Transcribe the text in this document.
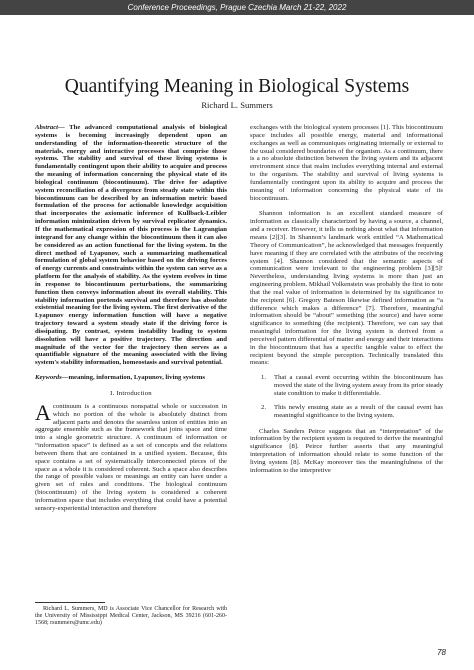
Conference Proceedings, Prague Czechia March 21-22, 2022
Quantifying Meaning in Biological Systems
Richard L. Summers

Abstract— The advanced computational analysis of biological systems is becoming increasingly dependent upon an understanding of the information-theoretic structure of the materials, energy and interactive processes that comprise those systems. The stability and survival of these living systems is fundamentally contingent upon their ability to acquire and process the meaning of information concerning the physical state of its biological continuum (biocontinuum). The drive for adaptive system reconciliation of a divergence from steady state within this biocontinuum can be described by an information metric based formulation of the process for actionable knowledge acquisition that incorporates the axiomatic inference of Kullback-Leibler information minimization driven by survival replicator dynamics. If the mathematical expression of this process is the Lagrangian integrand for any change within the biocontinuum then it can also be considered as an action functional for the living system. In the direct method of Lyapunov, such a summarizing mathematical formulation of global system behavior based on the driving forces of energy currents and constraints within the system can serve as a platform for the analysis of stability. As the system evolves in time in response to biocontinuum perturbations, the summarizing function then conveys information about its overall stability. This stability information portends survival and therefore has absolute existential meaning for the living system. The first derivative of the Lyapunov energy information function will have a negative trajectory toward a system steady state if the driving force is dissipating. By contrast, system instability leading to system dissolution will have a positive trajectory. The direction and magnitude of the vector for the trajectory then serves as a quantifiable signature of the meaning associated with the living system's stability information, homeostasis and survival potential.

Keywords—meaning, information, Lyapunov, living systems

I. Introduction

A continuum is a continuous nonspatial whole or succession in which no portion of the whole is absolutely distinct from adjacent parts and denotes the seamless union of entities into an aggregate ensemble such as the framework that joins space and time into a single geometric structure. A continuum of information or “information space” is defined as a set of concepts and the relations between them that are contained in a unified system. Because, this space contains a set of systematically interconnected pieces of the space as a whole it is considered coherent. Such a space also describes the range of possible values or meanings an entity can have under a given set of rules and conditions. The biological continuum (biocontinuum) of the living system is considered a coherent information space that includes everything that could have a potential sensory-experiential interaction and therefore

exchanges with the biological system processes [1]. This biocontinuum space includes all possible energy, material and informational exchanges as well as communiques originating internally or external to the usual considered boundaries of the organism. As a continuum, there is a no absolute distinction between the living system and its adjacent environment since that realm includes everything internal and external to the organism. The stability and survival of living systems is fundamentally contingent upon its ability to acquire and process the meaning of information concerning the physical state of its biocontinuum.

Shannon information is an excellent standard measure of information as classically characterized by having a source, a channel, and a receiver. However, it tells us nothing about what that information means [2][3]. In Shannon’s landmark work entitled “A Mathematical Theory of Communication”, he acknowledged that messages frequently have meaning if they are correlated with the attributes of the receiving system [4]. Shannon considered that the semantic aspects of communication were irrelevant to the engineering problem [3][5]! Nevertheless, understanding living systems is more than just an engineering problem. Mikhail Volkenstein was probably the first to note that the real value of information is determined by its significance to the recipient [6]. Gregory Bateson likewise defined information as “a difference which makes a difference” [7]. Therefore, meaningful information should be “about” something (the source) and have some significance to something (the recipient). Therefore, we can say that meaningful information for the living system is derived from a perceived pattern differential of matter and energy and their interactions in the biocontinuum that has a specific tangible value to effect the recipient beyond the simple perception. Technically translated this means:

1.	That a causal event occurring within the biocontinuum has moved the state of the living system away from its prior steady state condition to make it differentiable.
2.	This newly ensuing state as a result of the causal event has meaningful significance to the living system.

Charles Sanders Peirce suggests that an “interpretation” of the information by the recipient system is required to derive the meaningful significance [8]. Peirce further asserts that any meaningful interpretation of information should relate to some function of the living system [8]. McKay moreover ties the meaningfulness of the information to the interpretive

Richard L. Summers, MD is Associate Vice Chancellor for Research with the University of Mississippi Medical Center, Jackson, MS 39216 (601-260-1568; rsummers@umc.edu)

78
